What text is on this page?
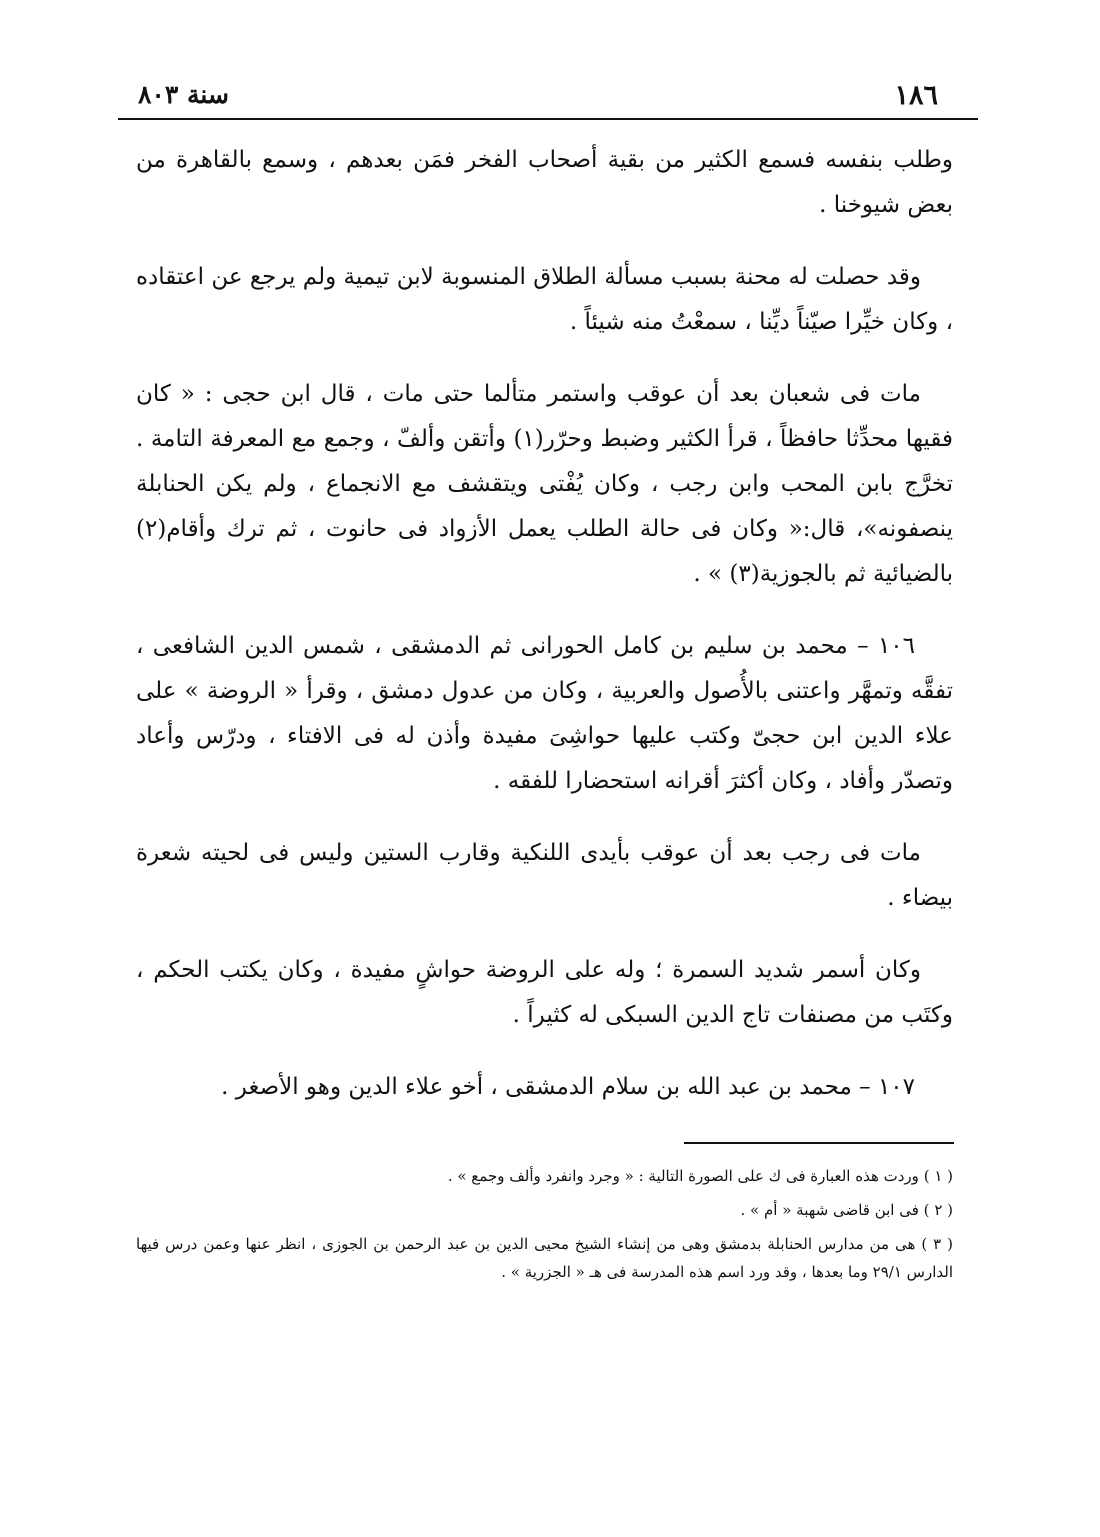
١٨٦
سنة ٨٠٣

وطلب بنفسه فسمع الكثير من بقية أصحاب الفخر فمَن بعدهم ، وسمع بالقاهرة من بعض شيوخنا .

وقد حصلت له محنة بسبب مسألة الطلاق المنسوبة لابن تيمية ولم يرجع عن اعتقاده ، وكان خيِّرا صيّناً ديِّنا ، سمعْتُ منه شيئاً .

مات فى شعبان بعد أن عوقب واستمر متألما حتى مات ، قال ابن حجى : « كان فقيها محدِّثا حافظاً ، قرأ الكثير وضبط وحرّر(١) وأتقن وألفّ ، وجمع مع المعرفة التامة . تخرَّج بابن المحب وابن رجب ، وكان يُفْتى ويتقشف مع الانجماع ، ولم يكن الحنابلة ينصفونه»، قال:« وكان فى حالة الطلب يعمل الأزواد فى حانوت ، ثم ترك وأقام(٢) بالضيائية ثم بالجوزية(٣) » .

١٠٦ – محمد بن سليم بن كامل الحورانى ثم الدمشقى ، شمس الدين الشافعى ، تفقَّه وتمهَّر واعتنى بالأُصول والعربية ، وكان من عدول دمشق ، وقرأ « الروضة » على علاء الدين ابن حجىّ وكتب عليها حواشِىَ مفيدة وأذن له فى الافتاء ، ودرّس وأعاد وتصدّر وأفاد ، وكان أكثرَ أقرانه استحضارا للفقه .

مات فى رجب بعد أن عوقب بأيدى اللنكية وقارب الستين وليس فى لحيته شعرة بيضاء .

وكان أسمر شديد السمرة ؛ وله على الروضة حواشٍ مفيدة ، وكان يكتب الحكم ، وكتَب من مصنفات تاج الدين السبكى له كثيراً .

١٠٧ – محمد بن عبد الله بن سلام الدمشقى ، أخو علاء الدين وهو الأصغر .

( ١ ) وردت هذه العبارة فى ك على الصورة التالية : « وجرد وانفرد وألف وجمع » .

( ٢ ) فى ابن قاضى شهبة « أم » .

( ٣ ) هى من مدارس الحنابلة بدمشق وهى من إنشاء الشيخ محيى الدين بن عبد الرحمن بن الجوزى ، انظر عنها وعمن درس فيها الدارس ٢٩/١ وما بعدها ، وقد ورد اسم هذه المدرسة فى هـ « الجزرية » .
